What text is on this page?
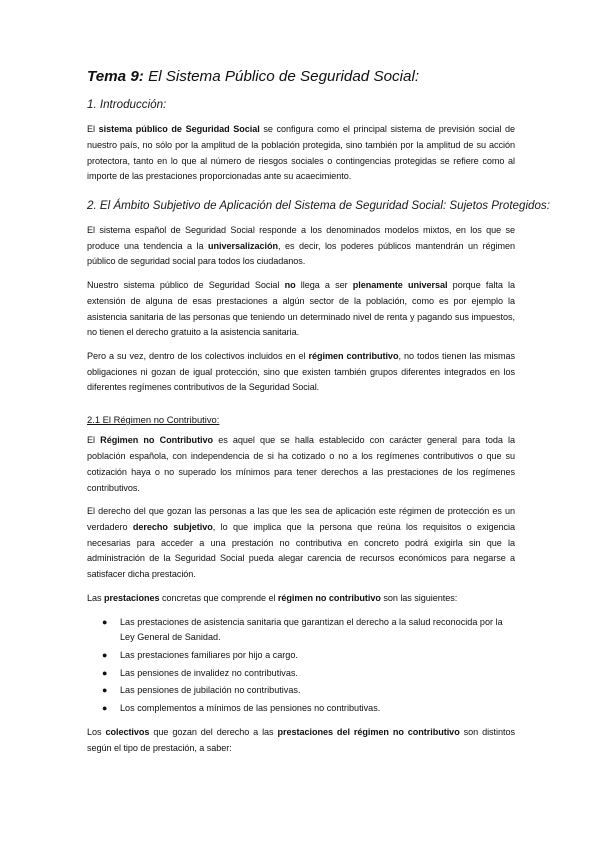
Tema 9: El Sistema Público de Seguridad Social:
1. Introducción:

El sistema público de Seguridad Social se configura como el principal sistema de previsión social de nuestro país, no sólo por la amplitud de la población protegida, sino también por la amplitud de su acción protectora, tanto en lo que al número de riesgos sociales o contingencias protegidas se refiere como al importe de las prestaciones proporcionadas ante su acaecimiento.

2. El Ámbito Subjetivo de Aplicación del Sistema de Seguridad Social: Sujetos Protegidos:

El sistema español de Seguridad Social responde a los denominados modelos mixtos, en los que se produce una tendencia a la universalización, es decir, los poderes públicos mantendrán un régimen público de seguridad social para todos los ciudadanos.

Nuestro sistema público de Seguridad Social no llega a ser plenamente universal porque falta la extensión de alguna de esas prestaciones a algún sector de la población, como es por ejemplo la asistencia sanitaria de las personas que teniendo un determinado nivel de renta y pagando sus impuestos, no tienen el derecho gratuito a la asistencia sanitaria.

Pero a su vez, dentro de los colectivos incluidos en el régimen contributivo, no todos tienen las mismas obligaciones ni gozan de igual protección, sino que existen también grupos diferentes integrados en los diferentes regímenes contributivos de la Seguridad Social.

2.1 El Régimen no Contributivo:

El Régimen no Contributivo es aquel que se halla establecido con carácter general para toda la población española, con independencia de si ha cotizado o no a los regímenes contributivos o que su cotización haya o no superado los mínimos para tener derechos a las prestaciones de los regímenes contributivos.

El derecho del que gozan las personas a las que les sea de aplicación este régimen de protección es un verdadero derecho subjetivo, lo que implica que la persona que reúna los requisitos o exigencia necesarias para acceder a una prestación no contributiva en concreto podrá exigirla sin que la administración de la Seguridad Social pueda alegar carencia de recursos económicos para negarse a satisfacer dicha prestación.

Las prestaciones concretas que comprende el régimen no contributivo son las siguientes:

● Las prestaciones de asistencia sanitaria que garantizan el derecho a la salud reconocida por la Ley General de Sanidad.
● Las prestaciones familiares por hijo a cargo.
● Las pensiones de invalidez no contributivas.
● Las pensiones de jubilación no contributivas.
● Los complementos a mínimos de las pensiones no contributivas.

Los colectivos que gozan del derecho a las prestaciones del régimen no contributivo son distintos según el tipo de prestación, a saber:
